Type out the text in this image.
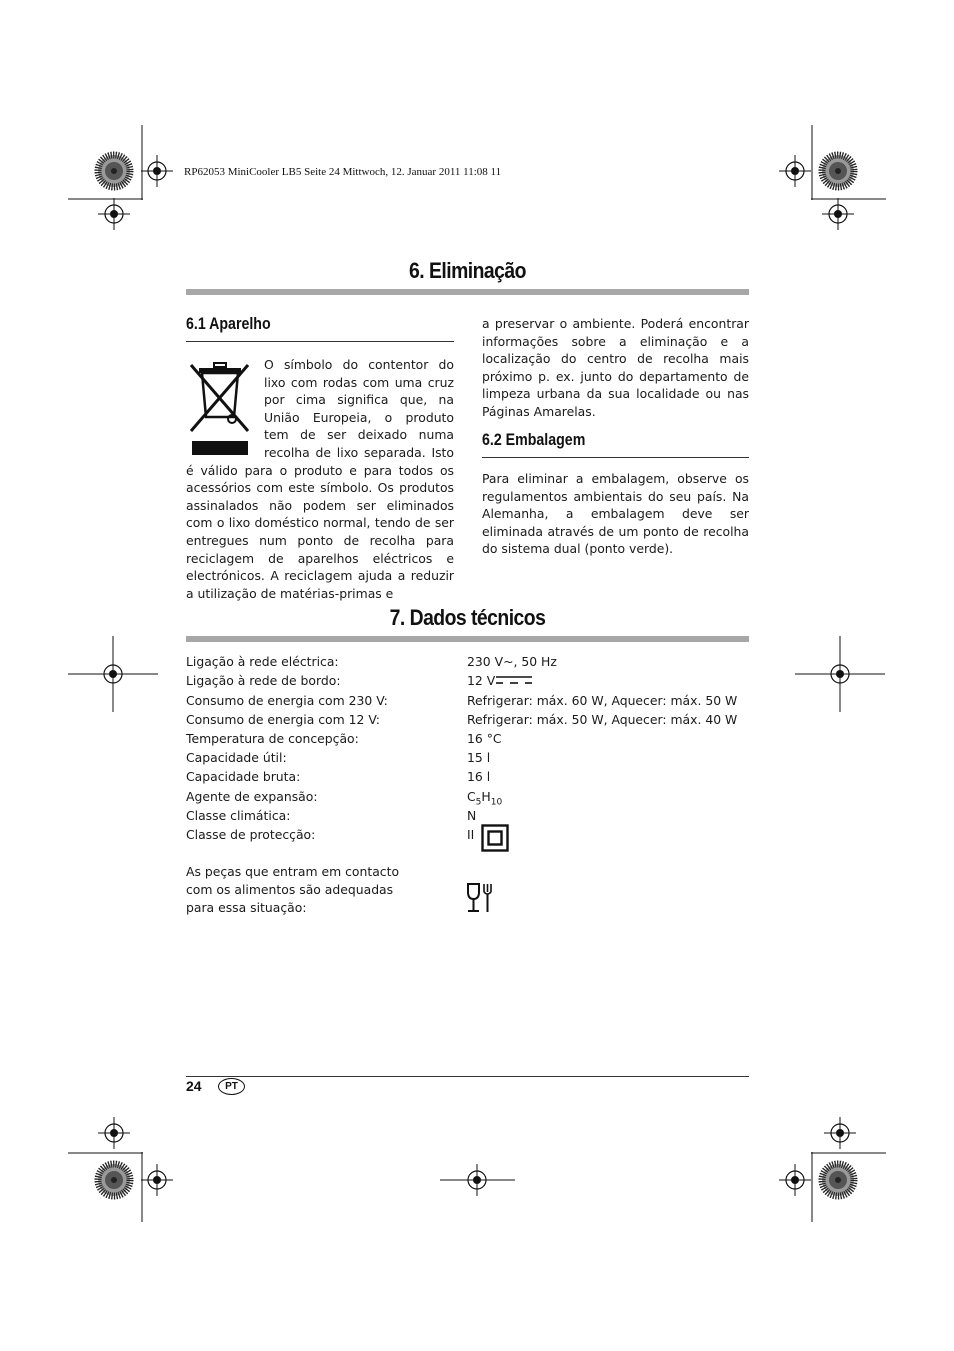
RP62053 MiniCooler LB5 Seite 24 Mittwoch, 12. Januar 2011 11:08 11
6. Eliminação
6.1 Aparelho

O símbolo do contentor do lixo com rodas com uma cruz por cima significa que, na União Europeia, o produto tem de ser deixado numa recolha de lixo separada. Isto é válido para o produto e para todos os acessórios com este símbolo. Os produtos assinalados não podem ser eliminados com o lixo doméstico normal, tendo de ser entregues num ponto de recolha para reciclagem de aparelhos eléctricos e electrónicos. A reciclagem ajuda a reduzir a utilização de matérias-primas e

a preservar o ambiente. Poderá encontrar informações sobre a eliminação e a localização do centro de recolha mais próximo p. ex. junto do departamento de limpeza urbana da sua localidade ou nas Páginas Amarelas.

6.2 Embalagem

Para eliminar a embalagem, observe os regulamentos ambientais do seu país. Na Alemanha, a embalagem deve ser eliminada através de um ponto de recolha do sistema dual (ponto verde).

7. Dados técnicos
Ligação à rede eléctrica:	230 V~, 50 Hz
Ligação à rede de bordo:	12 V
Consumo de energia com 230 V:	Refrigerar: máx. 60 W, Aquecer: máx. 50 W
Consumo de energia com 12 V:	Refrigerar: máx. 50 W, Aquecer: máx. 40 W
Temperatura de concepção:	16 °C
Capacidade útil:	15 l
Capacidade bruta:	16 l
Agente de expansão:	$C_5H_{10}$
Classe climática:	N
Classe de protecção:	II
As peças que entram em contacto
com os alimentos são adequadas
para essa situação:
24	PT
